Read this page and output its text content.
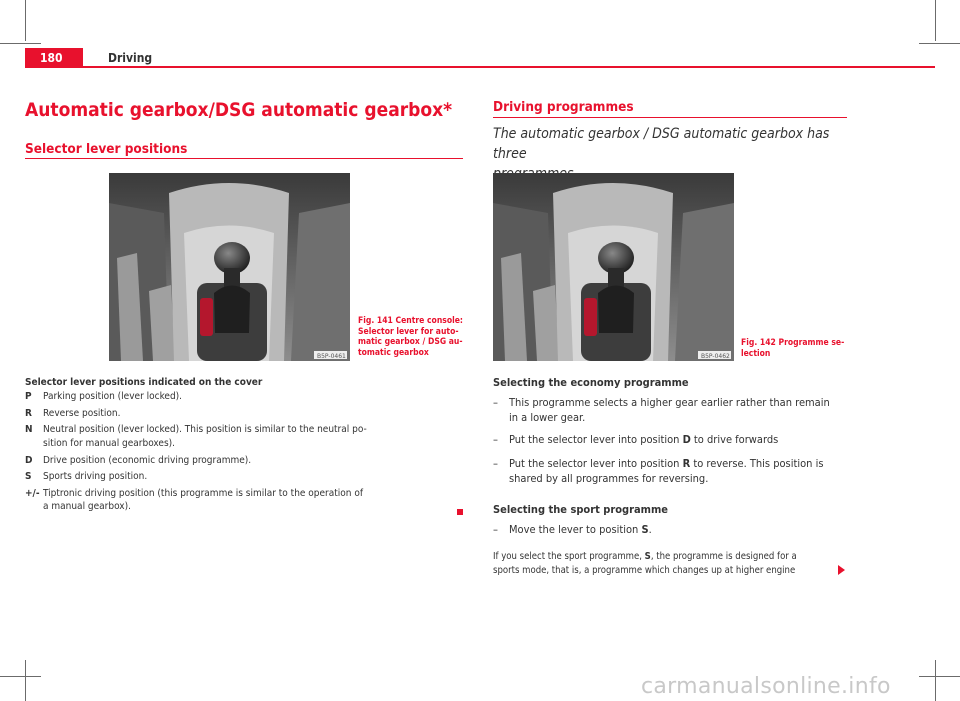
180	Driving
Automatic gearbox/DSG automatic gearbox*
Selector lever positions
B5P-0461
Fig. 141 Centre console:
Selector lever for auto-
matic gearbox / DSG au-
tomatic gearbox
Selector lever positions indicated on the cover
P	Parking position (lever locked).
R	Reverse position.
N	Neutral position (lever locked). This position is similar to the neutral po-
sition for manual gearboxes).
D	Drive position (economic driving programme).
S	Sports driving position.
+/- Tiptronic driving position (this programme is similar to the operation of
a manual gearbox).
Driving programmes
The automatic gearbox / DSG automatic gearbox has three
B5P-0462
Fig. 142 Programme se-
lection
Selecting the economy programme
– This programme selects a higher gear earlier rather than remain
in a lower gear.
– Put the selector lever into position D to drive forwards
– Put the selector lever into position R to reverse. This position is
shared by all programmes for reversing.
Selecting the sport programme
– Move the lever to position S.
If you select the sport programme, S, the programme is designed for a
sports mode, that is, a programme which changes up at higher engine
carmanualsonline.info
